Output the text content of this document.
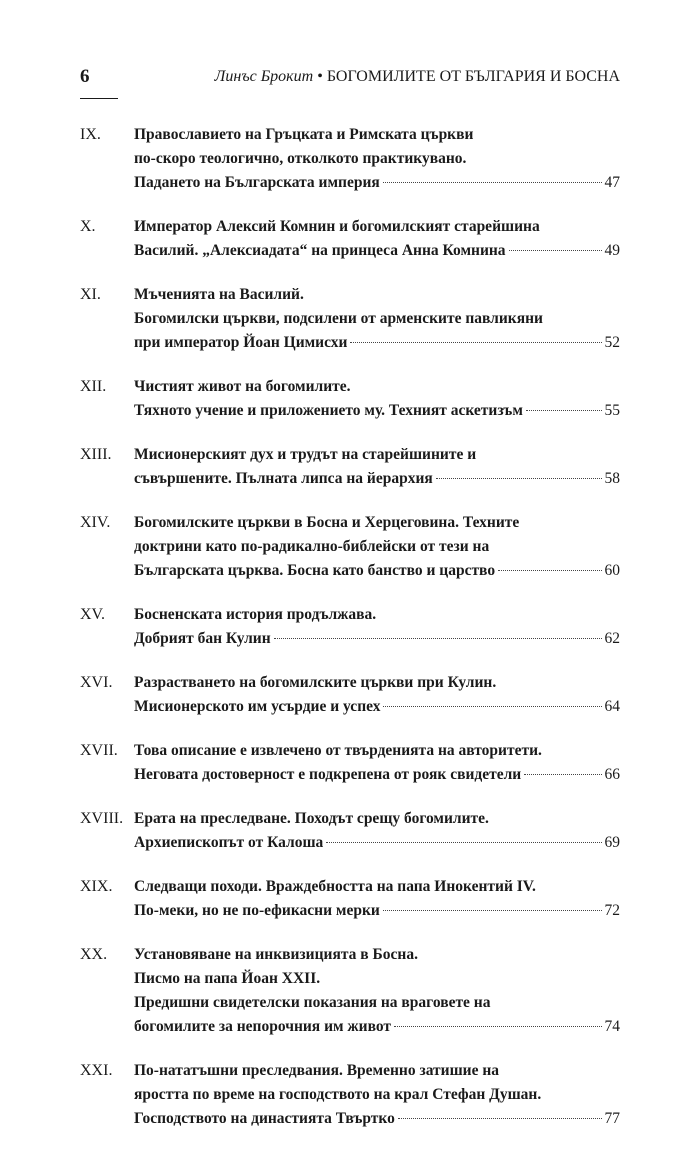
6	Линъс Брокит • БОГОМИЛИТЕ ОТ БЪЛГАРИЯ И БОСНА
IX.	Православието на Гръцката и Римската църкви
по-скоро теологично, отколкото практикувано.
Падането на Българската империя	47
X.	Император Алексий Комнин и богомилският старейшина
Василий. „Алексиадата“ на принцеса Анна Комнина	49
XI.	Мъченията на Василий.
Богомилски църкви, подсилени от арменските павликяни
при император Йоан Цимисхи	52
XII.	Чистият живот на богомилите.
Тяхното учение и приложението му. Техният аскетизъм	55
XIII.	Мисионерският дух и трудът на старейшините и
съвършените. Пълната липса на йерархия	58
XIV.	Богомилските църкви в Босна и Херцеговина. Техните
доктрини като по-радикално-библейски от тези на
Българската църква. Босна като банство и царство	60
XV.	Босненската история продължава.
Добрият бан Кулин	62
XVI.	Разрастването на богомилските църкви при Кулин.
Мисионерското им усърдие и успех	64
XVII.	Това описание е извлечено от твърденията на авторитети.
Неговата достоверност е подкрепена от рояк свидетели	66
XVIII. Ерата на преследване. Походът срещу богомилите.
Архиепископът от Калоша	69
XIX.	Следващи походи. Враждебността на папа Инокентий IV.
По-меки, но не по-ефикасни мерки	72
XX.	Установяване на инквизицията в Босна.
Писмо на папа Йоан XXII.
Предишни свидетелски показания на враговете на
богомилите за непорочния им живот	74
XXI.	По-нататъшни преследвания. Временно затишие на
яростта по време на господството на крал Стефан Душан.
Господството на династията Твъртко	77
